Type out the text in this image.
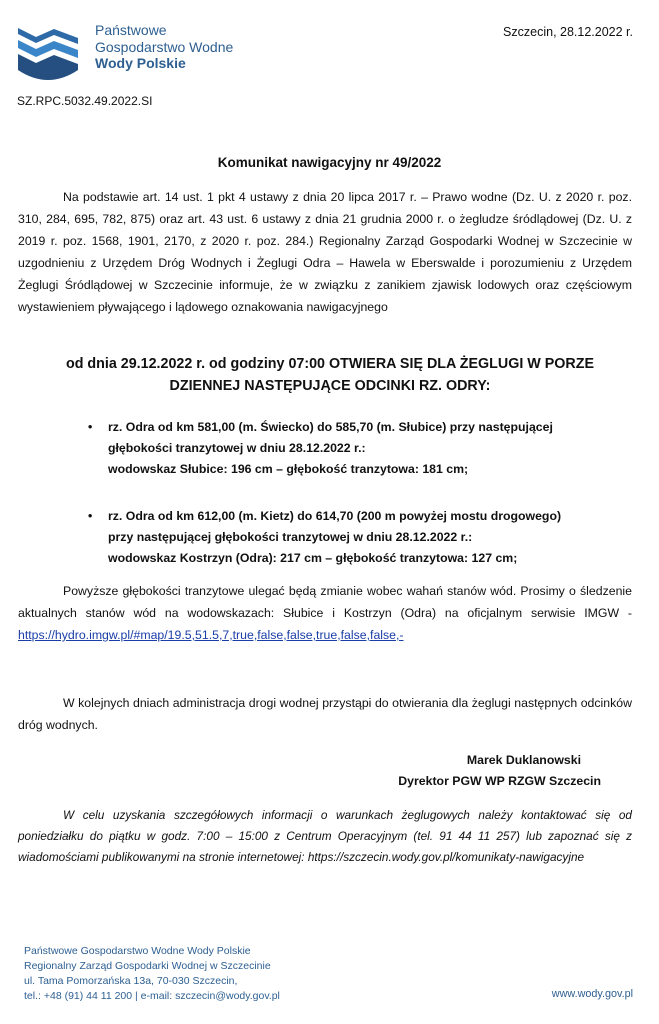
Państwowe
Gospodarstwo Wodne
Wody Polskie
Szczecin, 28.12.2022 r.
SZ.RPC.5032.49.2022.SI
Komunikat nawigacyjny nr 49/2022
Na podstawie art. 14 ust. 1 pkt 4 ustawy z dnia 20 lipca 2017 r. – Prawo wodne (Dz. U. z 2020 r. poz. 310, 284, 695, 782, 875) oraz art. 43 ust. 6 ustawy z dnia 21 grudnia 2000 r. o żegludze śródlądowej (Dz. U. z 2019 r. poz. 1568, 1901, 2170, z 2020 r. poz. 284.) Regionalny Zarząd Gospodarki Wodnej w Szczecinie w uzgodnieniu z Urzędem Dróg Wodnych i Żeglugi Odra – Hawela w Eberswalde i porozumieniu z Urzędem Żeglugi Śródlądowej w Szczecinie informuje, że w związku z zanikiem zjawisk lodowych oraz częściowym wystawieniem pływającego i lądowego oznakowania nawigacyjnego
od dnia 29.12.2022 r. od godziny 07:00 OTWIERA SIĘ DLA ŻEGLUGI W PORZE
DZIENNEJ NASTĘPUJĄCE ODCINKI RZ. ODRY:
• rz. Odra od km 581,00 (m. Świecko) do 585,70 (m. Słubice) przy następującej
głębokości tranzytowej w dniu 28.12.2022 r.:
wodowskaz Słubice: 196 cm – głębokość tranzytowa: 181 cm;
• rz. Odra od km 612,00 (m. Kietz) do 614,70 (200 m powyżej mostu drogowego)
przy następującej głębokości tranzytowej w dniu 28.12.2022 r.:
wodowskaz Kostrzyn (Odra): 217 cm – głębokość tranzytowa: 127 cm;
Powyższe głębokości tranzytowe ulegać będą zmianie wobec wahań stanów wód. Prosimy o śledzenie aktualnych stanów wód na wodowskazach: Słubice i Kostrzyn (Odra) na oficjalnym serwisie IMGW - https://hydro.imgw.pl/#map/19.5,51.5,7,true,false,false,true,false,false,-
W kolejnych dniach administracja drogi wodnej przystąpi do otwierania dla żeglugi następnych odcinków dróg wodnych.
Marek Duklanowski
Dyrektor PGW WP RZGW Szczecin
W celu uzyskania szczegółowych informacji o warunkach żeglugowych należy kontaktować się od poniedziałku do piątku w godz. 7:00 – 15:00 z Centrum Operacyjnym (tel. 91 44 11 257) lub zapoznać się z wiadomościami publikowanymi na stronie internetowej: https://szczecin.wody.gov.pl/komunikaty-nawigacyjne
Państwowe Gospodarstwo Wodne Wody Polskie
Regionalny Zarząd Gospodarki Wodnej w Szczecinie
ul. Tama Pomorzańska 13a, 70-030 Szczecin,
tel.: +48 (91) 44 11 200 | e-mail: szczecin@wody.gov.pl	www.wody.gov.pl
